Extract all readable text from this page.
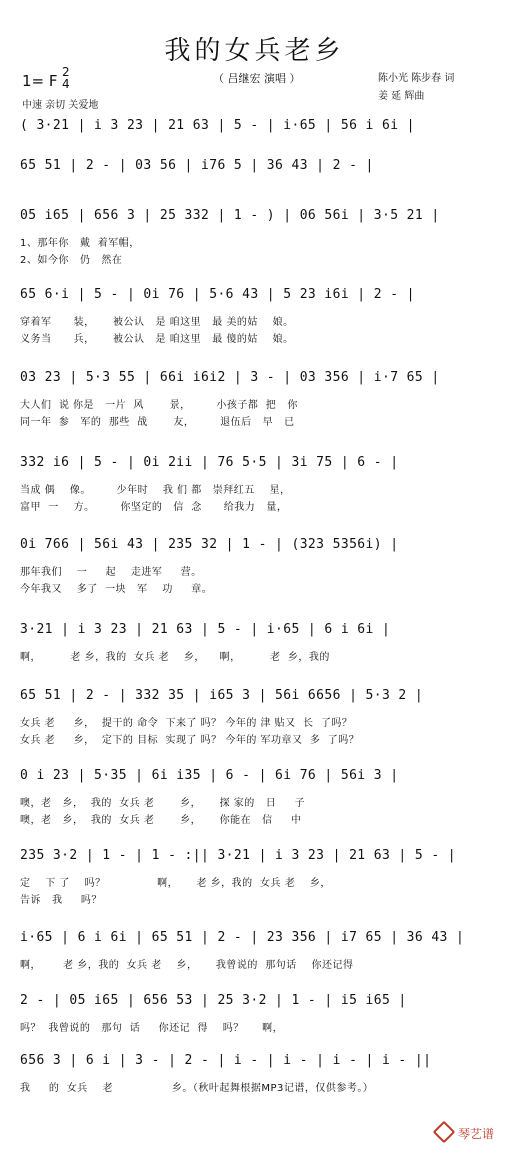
我的女兵老乡
（ 吕继宏 演唱 ）
1= F 2
4
中速 亲切 关爱地
陈小光 陈步春 词
姜 延 辉曲
( 3·21 | i 3 23 | 21 63 | 5 - | i·65 | 56 i 6i |
65 51 | 2 - | 03 56 | i76 5 | 36 43 | 2 - |
05 i65 | 656 3 | 25 332 | 1 - ) | 06 56i | 3·5 21 |
1、那年你   戴  着军帽，
2、如今你   仍   然在
65 6·i | 5 - | 0i 76 | 5·6 43 | 5 23 i6i | 2 - |
穿着军      装，     被公认   是 咱这里   最 美的姑    娘。
义务当      兵，     被公认   是 咱这里   最 傻的姑    娘。
03 23 | 5·3 55 | 66i i6i2 | 3 - | 03 356 | i·7 65 |
大人们  说 你是   一片  风       景，       小孩子都  把   你
同一年  参   军的  那些  战       友，       退伍后   早   已
332 i6 | 5 - | 0i 2ii | 76 5·5 | 3i 75 | 6 - |
当成 偶    像。       少年时    我 们 都   崇拜红五    星，
富甲  一    方。       你坚定的   信  念      给我力   量，
0i 766 | 56i 43 | 235 32 | 1 - | (323 5356i) |
那年我们    一     起    走进军     营。
今年我又    多了  一块   军    功     章。
3·21 | i 3 23 | 21 63 | 5 - | i·65 | 6 i 6i |
啊，        老 乡，我的  女兵 老    乡，    啊，        老  乡，我的
65 51 | 2 - | 332 35 | i65 3 | 56i 6656 | 5·3 2 |
女兵 老     乡，  提干的 命令  下来了 吗？ 今年的 津 贴又  长  了吗？
女兵 老     乡，  定下的 目标  实现了 吗？ 今年的 军功章又  多  了吗？
0 i 23 | 5·35 | 6i i35 | 6 - | 6i 76 | 56i 3 |
噢，老   乡，  我的  女兵 老       乡，     探 家的   日     子
噢，老   乡，  我的  女兵 老       乡，     你能在   信     中
235 3·2 | 1 - | 1 - :|| 3·21 | i 3 23 | 21 63 | 5 - |
定    下 了    吗？              啊，     老 乡，我的  女兵 老    乡，
告诉   我     吗？
i·65 | 6 i 6i | 65 51 | 2 - | 23 356 | i7 65 | 36 43 |
啊，      老 乡，我的  女兵 老    乡，     我曾说的  那句话    你还记得
2 - | 05 i65 | 656 53 | 25 3·2 | 1 - | i5 i65 |
吗？  我曾说的   那句  话     你还记  得    吗？     啊，
656 3 | 6 i | 3 - | 2 - | i - | i - | i - | i - ||
我     的  女兵    老                乡。（秋叶起舞根据MP3记谱，仅供参考。）
琴艺谱
